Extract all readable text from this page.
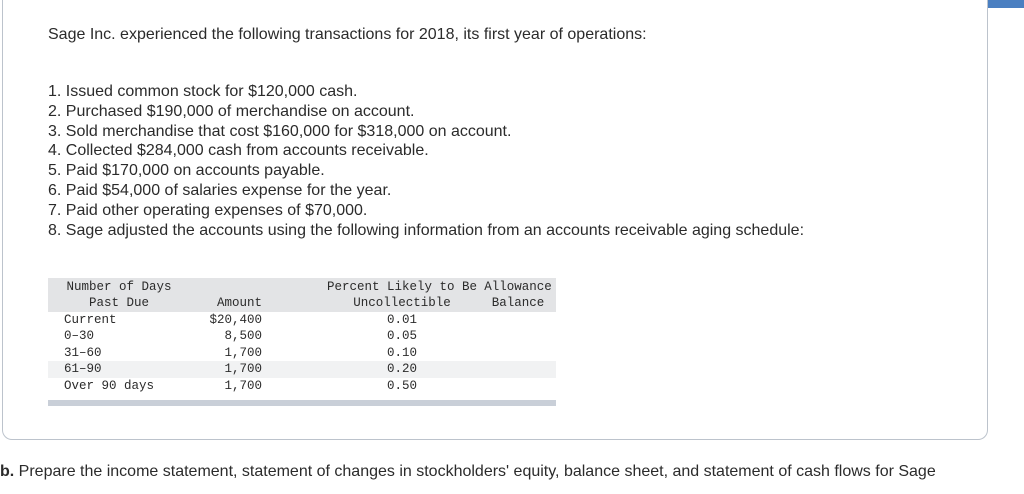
Sage Inc. experienced the following transactions for 2018, its first year of operations:

1. Issued common stock for $120,000 cash.
2. Purchased $190,000 of merchandise on account.
3. Sold merchandise that cost $160,000 for $318,000 on account.
4. Collected $284,000 cash from accounts receivable.
5. Paid $170,000 on accounts payable.
6. Paid $54,000 of salaries expense for the year.
7. Paid other operating expenses of $70,000.
8. Sage adjusted the accounts using the following information from an accounts receivable aging schedule:
Number of Days			Percent Likely to Be	Allowance
Past Due	Amount		Uncollectible	Balance
Current	$20,400		0.01	
0–30	8,500		0.05	
31–60	1,700		0.10	
61–90	1,700		0.20	
Over 90 days	1,700		0.50	

b. Prepare the income statement, statement of changes in stockholders' equity, balance sheet, and statement of cash flows for Sage
